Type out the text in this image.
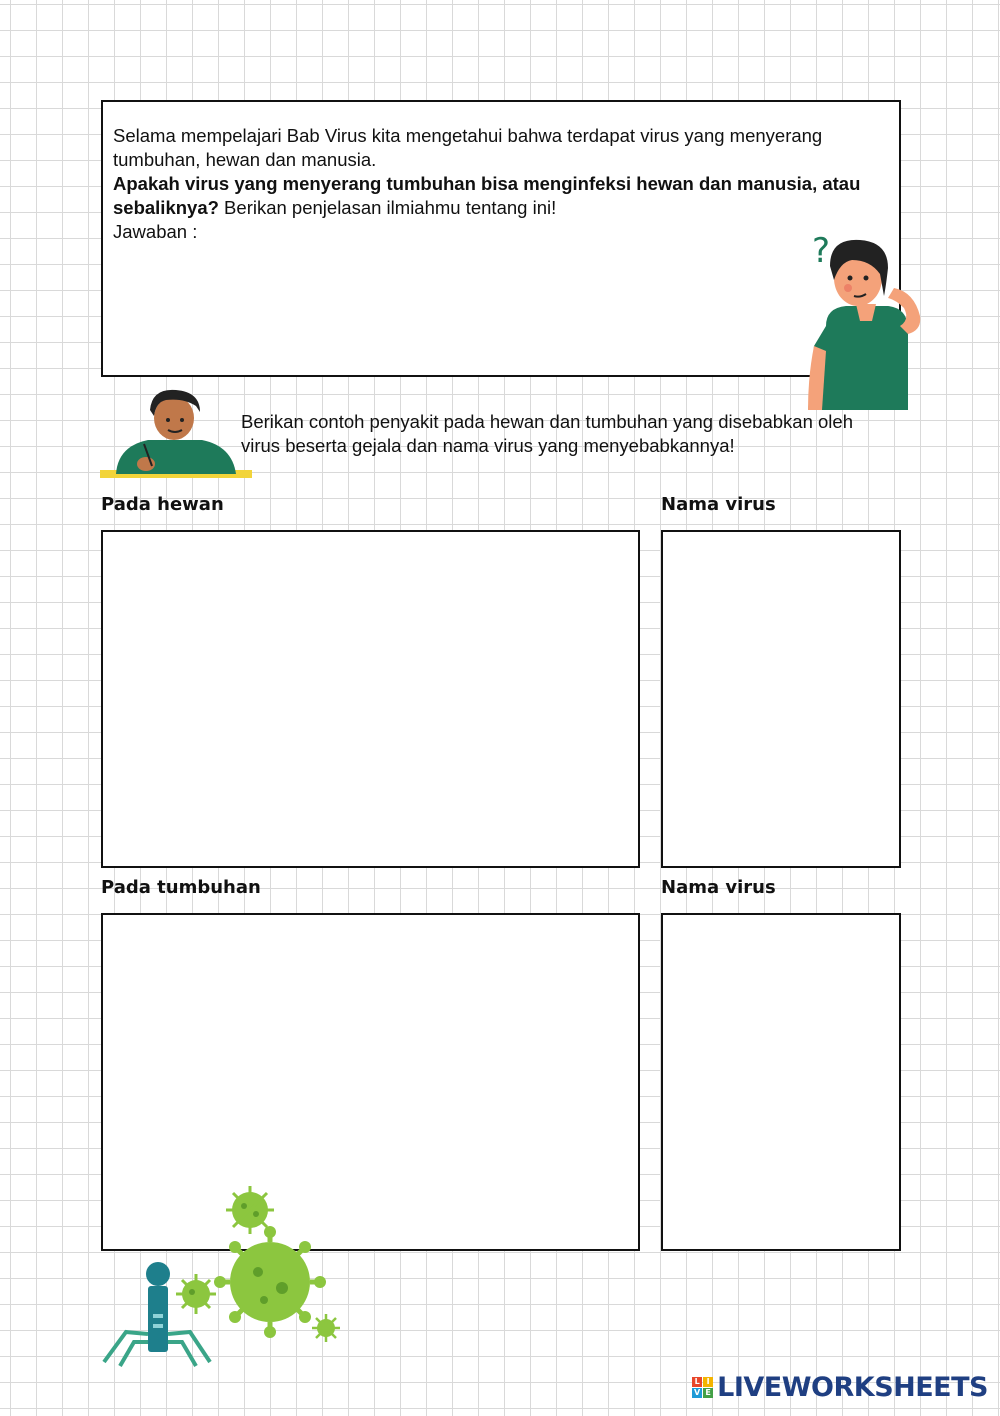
Selama mempelajari Bab Virus kita mengetahui bahwa terdapat virus yang menyerang tumbuhan, hewan dan manusia.

Apakah virus yang menyerang tumbuhan bisa menginfeksi hewan dan manusia, atau sebaliknya? Berikan penjelasan ilmiahmu tentang ini!

Jawaban :	?
Berikan contoh penyakit pada hewan dan tumbuhan yang disebabkan oleh virus beserta gejala dan nama virus yang menyebabkannya!
Pada hewan	Nama virus
Pada tumbuhan	Nama virus
L I
V E LIVEWORKSHEETS
